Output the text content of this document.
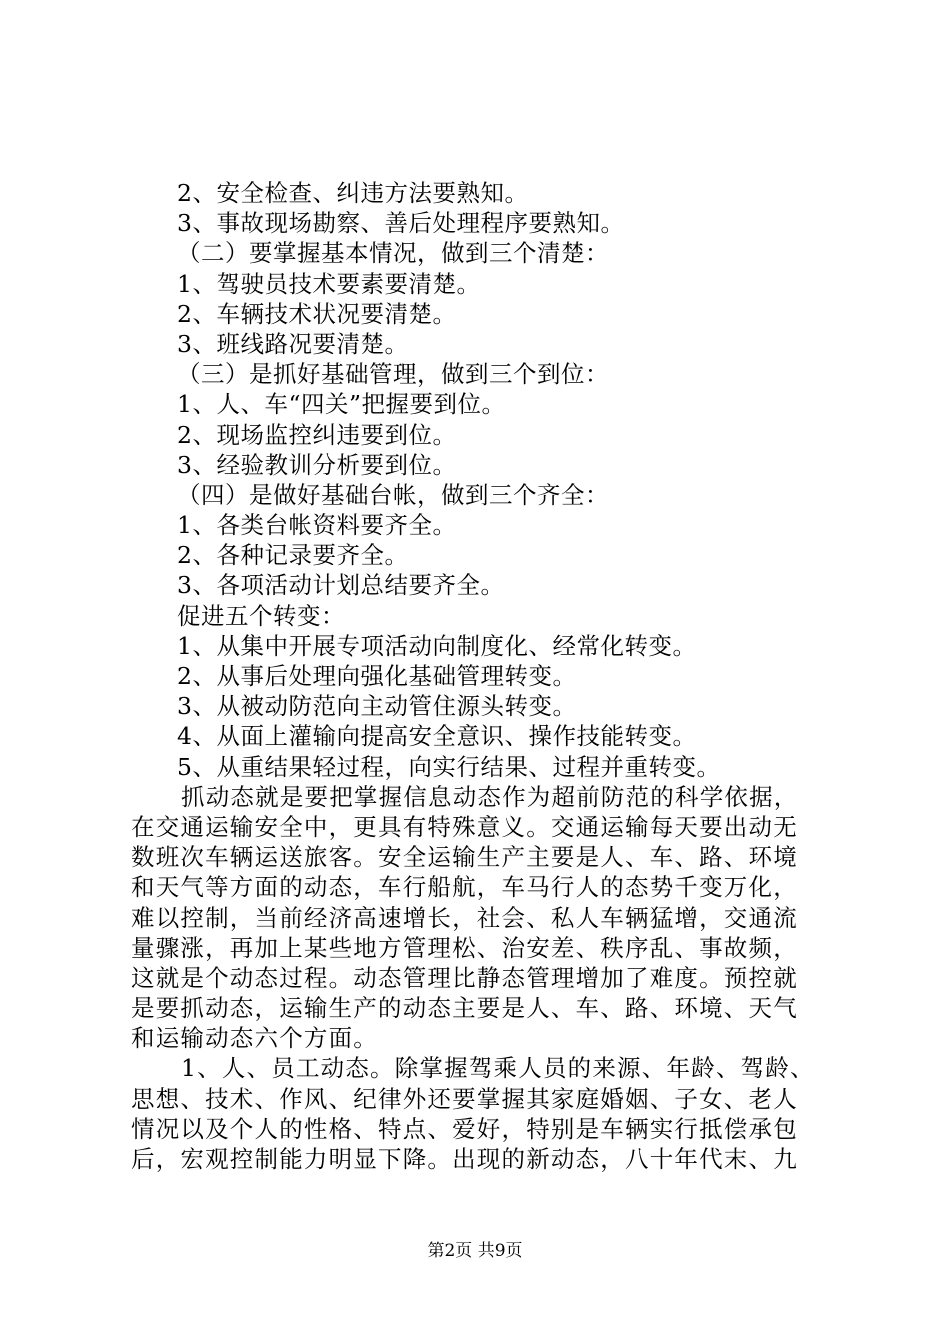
2、安全检查、纠违方法要熟知。
3、事故现场勘察、善后处理程序要熟知。
（二）要掌握基本情况，做到三个清楚：
1、驾驶员技术要素要清楚。
2、车辆技术状况要清楚。
3、班线路况要清楚。
（三）是抓好基础管理，做到三个到位：
1、人、车“四关”把握要到位。
2、现场监控纠违要到位。
3、经验教训分析要到位。
（四）是做好基础台帐，做到三个齐全：
1、各类台帐资料要齐全。
2、各种记录要齐全。
3、各项活动计划总结要齐全。
促进五个转变：
1、从集中开展专项活动向制度化、经常化转变。
2、从事后处理向强化基础管理转变。
3、从被动防范向主动管住源头转变。
4、从面上灌输向提高安全意识、操作技能转变。
5、从重结果轻过程，向实行结果、过程并重转变。
抓动态就是要把掌握信息动态作为超前防范的科学依据，
在交通运输安全中，更具有特殊意义。交通运输每天要出动无
数班次车辆运送旅客。安全运输生产主要是人、车、路、环境
和天气等方面的动态，车行船航，车马行人的态势千变万化，
难以控制，当前经济高速增长，社会、私人车辆猛增，交通流
量骤涨，再加上某些地方管理松、治安差、秩序乱、事故频，
这就是个动态过程。动态管理比静态管理增加了难度。预控就
是要抓动态，运输生产的动态主要是人、车、路、环境、天气
和运输动态六个方面。
1、人、员工动态。除掌握驾乘人员的来源、年龄、驾龄、
思想、技术、作风、纪律外还要掌握其家庭婚姻、子女、老人
情况以及个人的性格、特点、爱好，特别是车辆实行抵偿承包
后，宏观控制能力明显下降。出现的新动态，八十年代末、九
第2页 共9页
